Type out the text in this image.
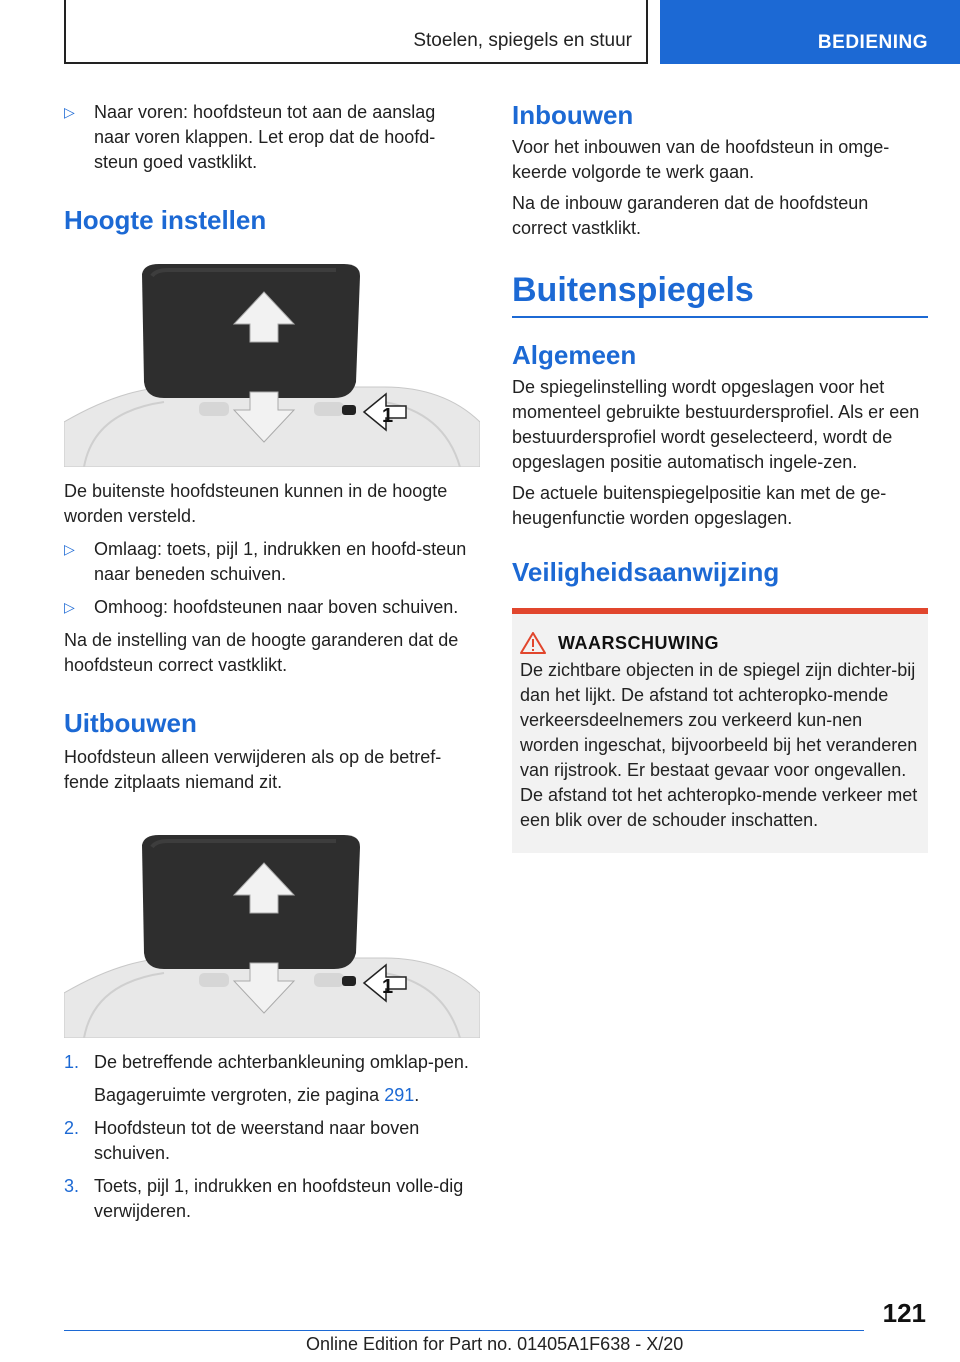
Stoelen, spiegels en stuur	BEDIENING
▷ Naar voren: hoofdsteun tot aan de aanslag naar voren klappen. Let erop dat de hoofd‐steun goed vastklikt.
Hoogte instellen
1

De buitenste hoofdsteunen kunnen in de hoogte worden versteld.

▷ Omlaag: toets, pijl 1, indrukken en hoofd‐steun naar beneden schuiven.
▷ Omhoog: hoofdsteunen naar boven schuiven.

Na de instelling van de hoogte garanderen dat de hoofdsteun correct vastklikt.

Uitbouwen

Hoofdsteun alleen verwijderen als op de betref‐fende zitplaats niemand zit.

1
1. De betreffende achterbankleuning omklap‐pen.

Bagageruimte vergroten, zie pagina 291.

2. Hoofdsteun tot de weerstand naar boven schuiven.
3. Toets, pijl 1, indrukken en hoofdsteun volle‐dig verwijderen.
Inbouwen

Voor het inbouwen van de hoofdsteun in omge‐keerde volgorde te werk gaan.

Na de inbouw garanderen dat de hoofdsteun correct vastklikt.

Buitenspiegels
Algemeen

De spiegelinstelling wordt opgeslagen voor het momenteel gebruikte bestuurdersprofiel. Als er een bestuurdersprofiel wordt geselecteerd, wordt de opgeslagen positie automatisch ingele‐zen.

De actuele buitenspiegelpositie kan met de ge‐heugenfunctie worden opgeslagen.

Veiligheidsaanwijzing
WAARSCHUWING

De zichtbare objecten in de spiegel zijn dichter‐bij dan het lijkt. De afstand tot achteropko‐mende verkeersdeelnemers zou verkeerd kun‐nen worden ingeschat, bijvoorbeeld bij het veranderen van rijstrook. Er bestaat gevaar voor ongevallen. De afstand tot het achteropko‐mende verkeer met een blik over de schouder inschatten.

121
Online Edition for Part no. 01405A1F638 - X/20
